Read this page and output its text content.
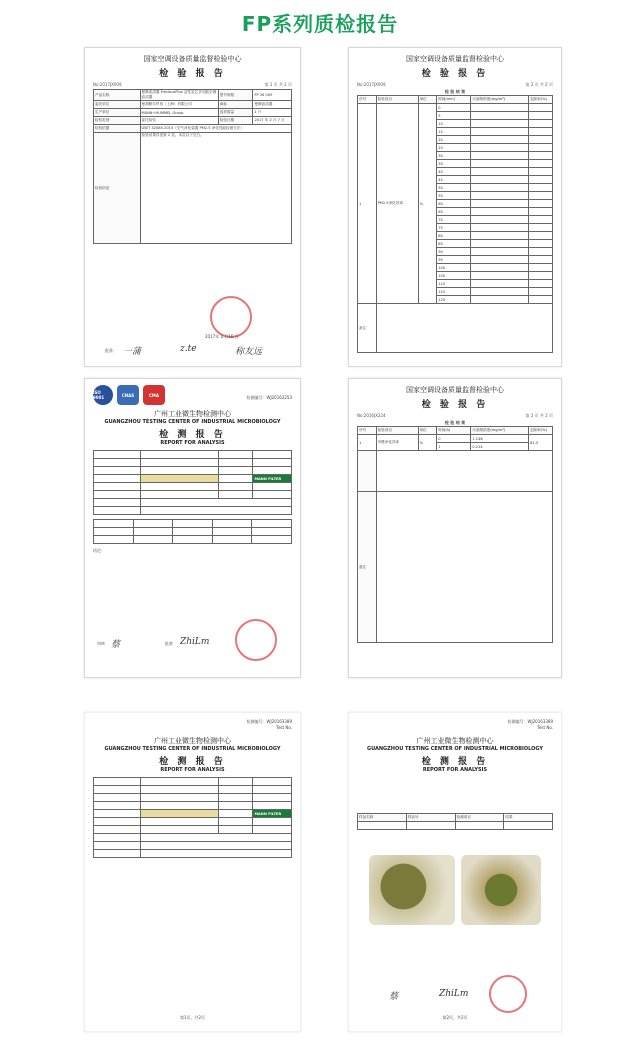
FP系列质检报告
国家空调设备质量监督检验中心
检 验 报 告
No:2017JX009	第 1 页 共 2 页
产品名称	曼牌滤清器 FreciousPlus 活性炭芯多功能空调滤清器	型号规格	FP 26 009
委托单位	曼胡默尔贸易（上海）有限公司	商标	曼牌滤清器
生产单位	MANN+HUMMEL Group	送样数量	1 只
检验类别	委托检验	检验日期	2017 年 2 月 7 日
检验依据	GB/T 32085-2015（空气净化装置 PM2.5 净化性能检测方法）		
检验结论	检验结果详见第 2 页。本页以下空白。		
2017年 2 月16 日
批准： 一蒲	z.te	称友远
国家空调设备质量监督检验中心
检 验 报 告
No:2017JX009	第 2 页 共 2 页
检 验 结 果
序号	检验项目	单位	时间(min)	污染物浓度(mg/m³)	去除率(%)
1	PM2.5净化效率	%	0		
			5		
			10		
			15		
			20		
			25		
			30		
			35		
			40		
			45		
			50		
			55		
			60		
			65		
			70		
			75		
			80		
			85		
			90		
			95		
			100		
			105		
			110		
			115		
			120		
备注					
ISO 9001	CNAS	CMA	检测编号：WJ20162253
广州工业微生物检测中心
GUANGZHOU TESTING CENTER OF INDUSTRIAL MICROBIOLOGY
检 测 报 告
REPORT FOR ANALYSIS

			MANN FILTER

结论：
审核 蔡	批准 ZhiLm
国家空调设备质量监督检验中心
检 验 报 告
No:2016JX224	第 2 页 共 2 页
检 验 结 果
序号	检验项目	单位	时间(h)	污染物浓度(mg/m³)	去除率(%)
1	甲醛净化效率	%	0	1.146	81.3
			1	0.214	

备注					
检测编号：WJ20163389
Test No.
广州工业微生物检测中心
GUANGZHOU TESTING CENTER OF INDUSTRIAL MICROBIOLOGY
检 测 报 告
REPORT FOR ANALYSIS

			MANN FILTER

第1页，共2页
检测编号：WJ20163389
Test No.
广州工业微生物检测中心
GUANGZHOU TESTING CENTER OF INDUSTRIAL MICROBIOLOGY
检 测 报 告
REPORT FOR ANALYSIS
样品名称	样品号	检测项目	结果

蔡	ZhiLm
第2页，共2页
